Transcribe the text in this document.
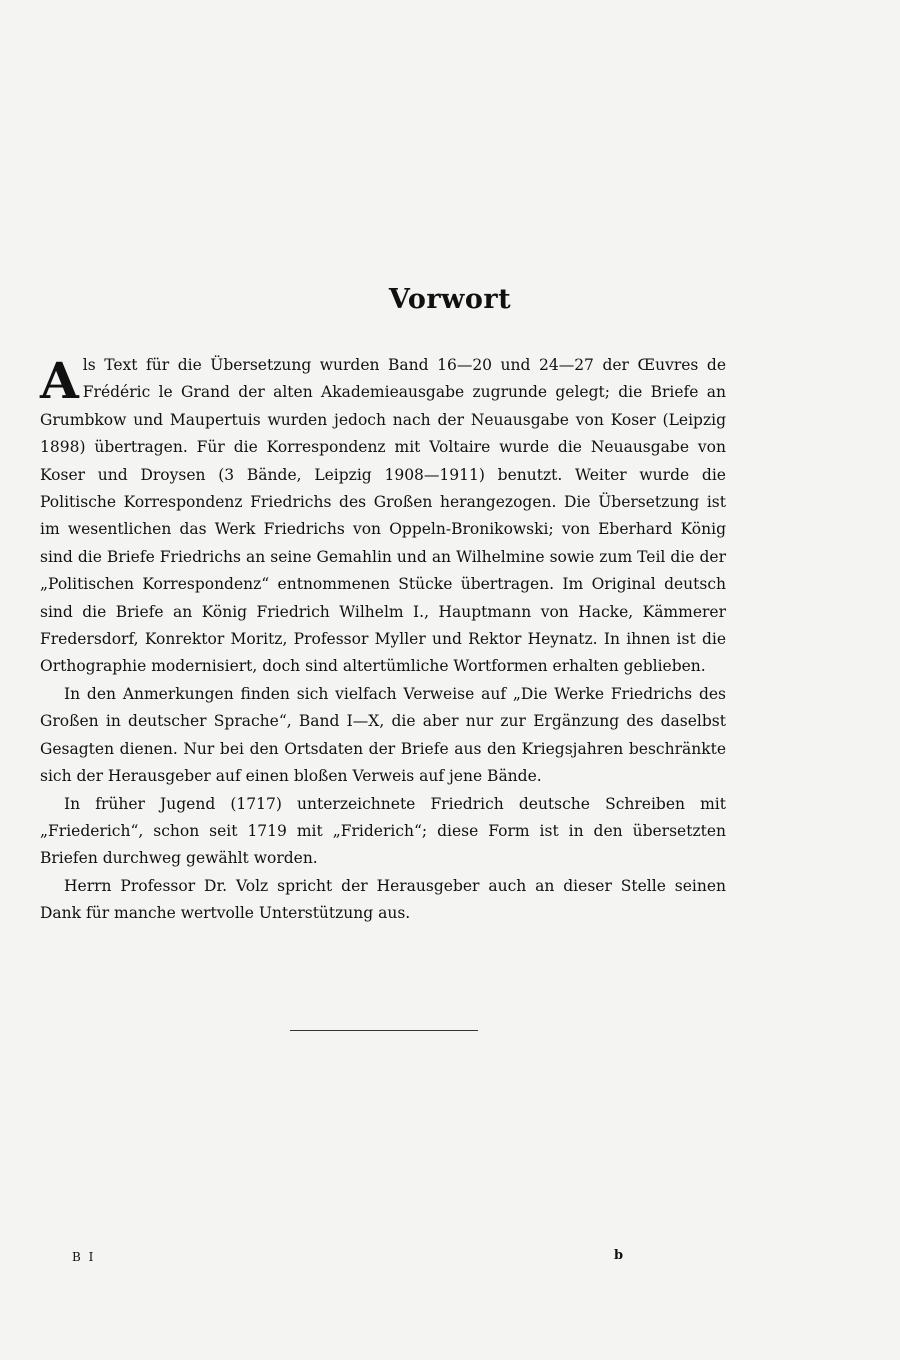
Vorwort

A ls Text für die Übersetzung wurden Band 16—20 und 24—27 der Œuvres de Frédéric le Grand der alten Akademieausgabe zugrunde gelegt; die Briefe an Grumbkow und Maupertuis wurden jedoch nach der Neuausgabe von Koser (Leipzig 1898) übertragen. Für die Korrespondenz mit Voltaire wurde die Neuausgabe von Koser und Droysen (3 Bände, Leipzig 1908—1911) benutzt. Weiter wurde die Politische Korrespondenz Friedrichs des Großen herangezogen. Die Übersetzung ist im wesentlichen das Werk Friedrichs von Oppeln-Bronikowski; von Eberhard König sind die Briefe Friedrichs an seine Gemahlin und an Wilhelmine sowie zum Teil die der „Politischen Korrespondenz“ entnommenen Stücke übertragen. Im Original deutsch sind die Briefe an König Friedrich Wilhelm I., Hauptmann von Hacke, Kämmerer Fredersdorf, Konrektor Moritz, Professor Myller und Rektor Heynatz. In ihnen ist die Orthographie modernisiert, doch sind altertümliche Wortformen erhalten geblieben.

In den Anmerkungen finden sich vielfach Verweise auf „Die Werke Friedrichs des Großen in deutscher Sprache“, Band I—X, die aber nur zur Ergänzung des daselbst Gesagten dienen. Nur bei den Ortsdaten der Briefe aus den Kriegsjahren beschränkte sich der Herausgeber auf einen bloßen Verweis auf jene Bände.

In früher Jugend (1717) unterzeichnete Friedrich deutsche Schreiben mit „Friederich“, schon seit 1719 mit „Friderich“; diese Form ist in den übersetzten Briefen durchweg gewählt worden.

Herrn Professor Dr. Volz spricht der Herausgeber auch an dieser Stelle seinen Dank für manche wertvolle Unterstützung aus.

B I	b
